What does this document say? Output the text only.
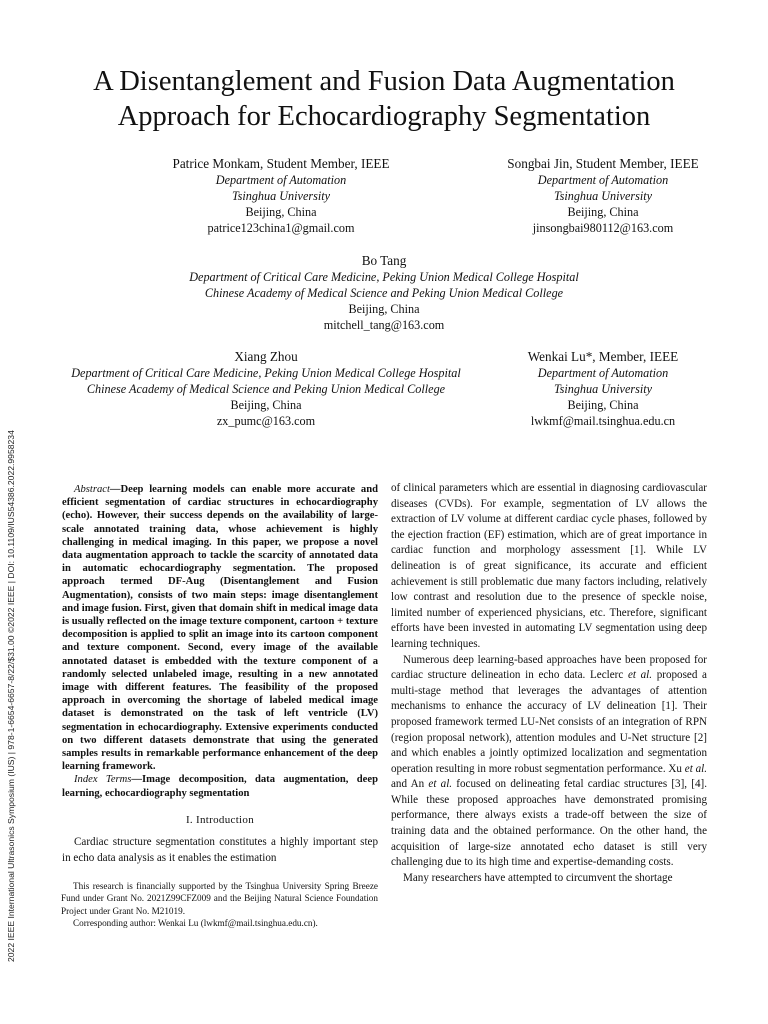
2022 IEEE International Ultrasonics Symposium (IUS) | 978-1-6654-6657-8/22/$31.00 ©2022 IEEE | DOI: 10.1109/IUS54386.2022.9958234
A Disentanglement and Fusion Data Augmentation Approach for Echocardiography Segmentation
Patrice Monkam, Student Member, IEEE
Department of Automation
Tsinghua University
Beijing, China
patrice123china1@gmail.com
Songbai Jin, Student Member, IEEE
Department of Automation
Tsinghua University
Beijing, China
jinsongbai980112@163.com
Bo Tang
Department of Critical Care Medicine, Peking Union Medical College Hospital
Chinese Academy of Medical Science and Peking Union Medical College
Beijing, China
mitchell_tang@163.com
Xiang Zhou
Department of Critical Care Medicine, Peking Union Medical College Hospital
Chinese Academy of Medical Science and Peking Union Medical College
Beijing, China
zx_pumc@163.com
Wenkai Lu*, Member, IEEE
Department of Automation
Tsinghua University
Beijing, China
lwkmf@mail.tsinghua.edu.cn

Abstract—Deep learning models can enable more accurate and efficient segmentation of cardiac structures in echocardiography (echo). However, their success depends on the availability of large-scale annotated training data, whose achievement is highly challenging in medical imaging. In this paper, we propose a novel data augmentation approach to tackle the scarcity of annotated data in automatic echocardiography segmentation. The proposed approach termed DF-Aug (Disentanglement and Fusion Augmentation), consists of two main steps: image disentanglement and image fusion. First, given that domain shift in medical image data is usually reflected on the image texture component, cartoon + texture decomposition is applied to split an image into its cartoon component and texture component. Second, every image of the available annotated dataset is embedded with the texture component of a randomly selected unlabeled image, resulting in a new annotated image with different features. The feasibility of the proposed approach in overcoming the shortage of labeled medical image dataset is demonstrated on the task of left ventricle (LV) segmentation in echocardiography. Extensive experiments conducted on two different datasets demonstrate that using the generated samples results in remarkable performance enhancement of the deep learning framework.

Index Terms—Image decomposition, data augmentation, deep learning, echocardiography segmentation

I. Introduction

Cardiac structure segmentation constitutes a highly important step in echo data analysis as it enables the estimation

This research is financially supported by the Tsinghua University Spring Breeze Fund under Grant No. 2021Z99CFZ009 and the Beijing Natural Science Foundation Project under Grant No. M21019.

Corresponding author: Wenkai Lu (lwkmf@mail.tsinghua.edu.cn).

of clinical parameters which are essential in diagnosing cardiovascular diseases (CVDs). For example, segmentation of LV allows the extraction of LV volume at different cardiac cycle phases, followed by the ejection fraction (EF) estimation, which are of great importance in cardiac function and morphology assessment [1]. While LV delineation is of great significance, its accurate and efficient achievement is still problematic due many factors including, relatively low contrast and resolution due to the presence of speckle noise, limited number of experienced physicians, etc. Therefore, significant efforts have been invested in automating LV segmentation using deep learning techniques.

Numerous deep learning-based approaches have been proposed for cardiac structure delineation in echo data. Leclerc et al. proposed a multi-stage method that leverages the advantages of attention mechanisms to enhance the accuracy of LV delineation [1]. Their proposed framework termed LU-Net consists of an integration of RPN (region proposal network), attention modules and U-Net structure [2] and which enables a jointly optimized localization and segmentation operation resulting in more robust segmentation performance. Xu et al. and An et al. focused on delineating fetal cardiac structures [3], [4]. While these proposed approaches have demonstrated promising performance, there always exists a trade-off between the size of training data and the obtained performance. On the other hand, the acquisition of large-size annotated echo dataset is still very challenging due to its high time and expertise-demanding costs.

Many researchers have attempted to circumvent the shortage
